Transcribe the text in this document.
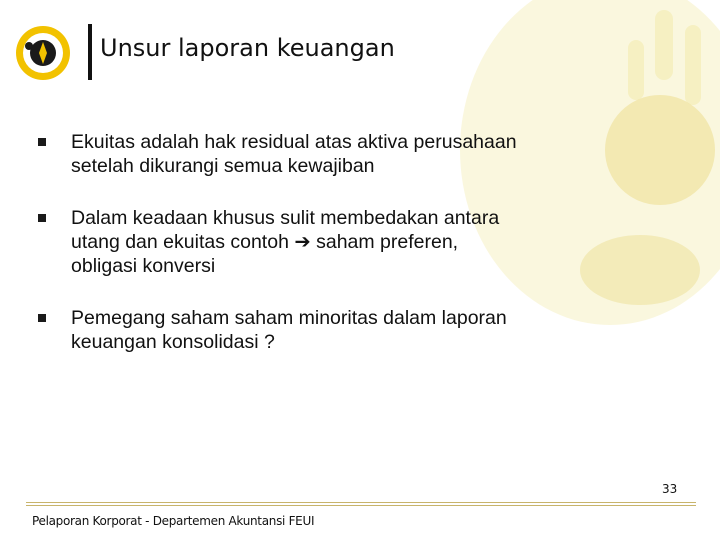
Unsur laporan keuangan
Ekuitas adalah hak residual atas aktiva perusahaan
setelah dikurangi semua kewajiban
Dalam keadaan khusus sulit membedakan antara
utang dan ekuitas contoh ➔ saham preferen,
obligasi konversi
Pemegang saham saham minoritas dalam laporan
keuangan konsolidasi ?
Pelaporan Korporat - Departemen Akuntansi FEUI
33
